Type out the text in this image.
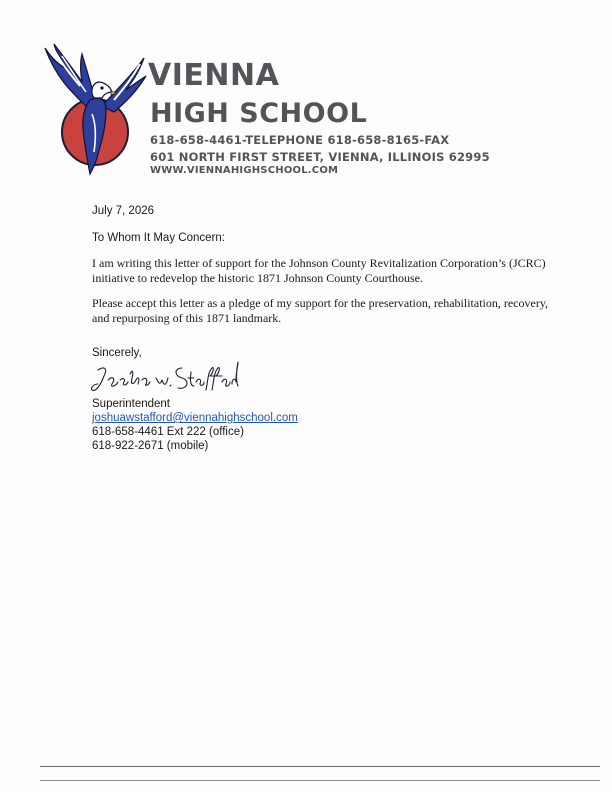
VIENNA
HIGH SCHOOL
618-658-4461-TELEPHONE 618-658-8165-FAX
601 NORTH FIRST STREET, VIENNA, ILLINOIS 62995
WWW.VIENNAHIGHSCHOOL.COM
July 7, 2026
To Whom It May Concern:
I am writing this letter of support for the Johnson County Revitalization Corporation’s (JCRC) initiative to redevelop the historic 1871 Johnson County Courthouse.
Please accept this letter as a pledge of my support for the preservation, rehabilitation, recovery, and repurposing of this 1871 landmark.
Sincerely,
Superintendent
joshuawstafford@viennahighschool.com
618-658-4461 Ext 222 (office)
618-922-2671 (mobile)
